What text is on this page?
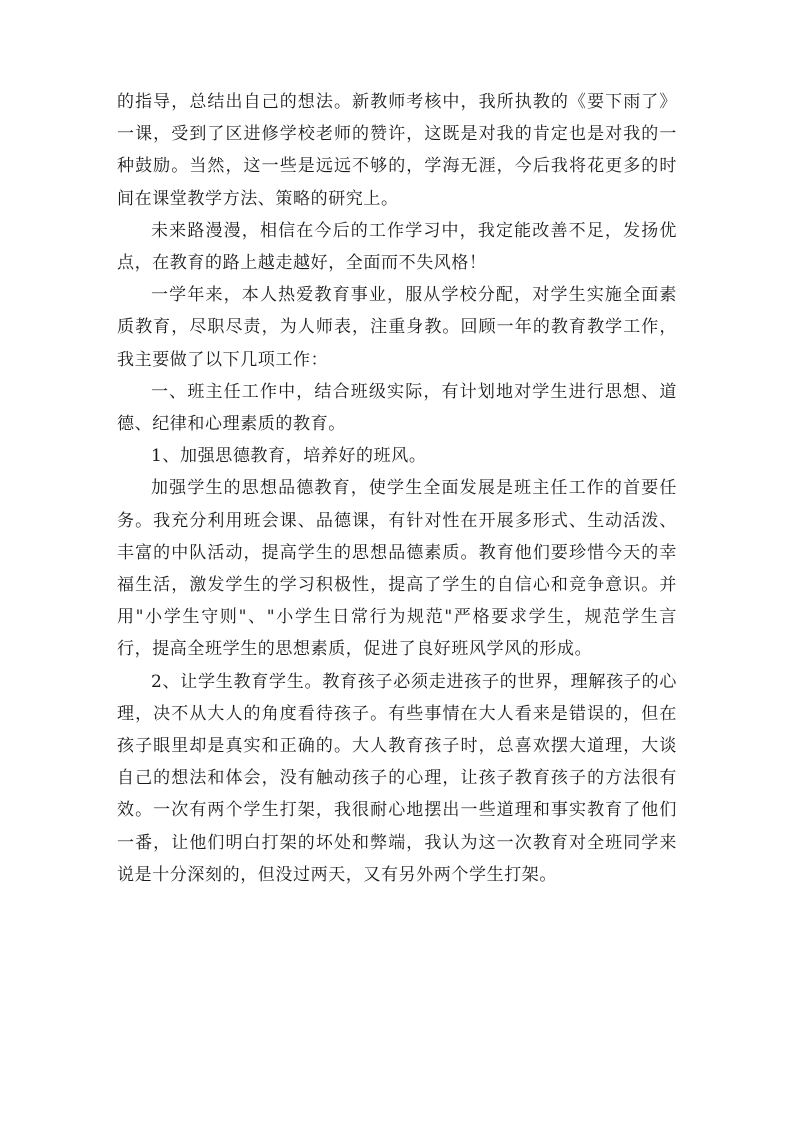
的指导，总结出自己的想法。新教师考核中，我所执教的《要下雨了》一课，受到了区进修学校老师的赞许，这既是对我的肯定也是对我的一种鼓励。当然，这一些是远远不够的，学海无涯，今后我将花更多的时间在课堂教学方法、策略的研究上。

未来路漫漫，相信在今后的工作学习中，我定能改善不足，发扬优点，在教育的路上越走越好，全面而不失风格！

一学年来，本人热爱教育事业，服从学校分配，对学生实施全面素质教育，尽职尽责，为人师表，注重身教。回顾一年的教育教学工作，我主要做了以下几项工作：

一、班主任工作中，结合班级实际，有计划地对学生进行思想、道德、纪律和心理素质的教育。

1、加强思德教育，培养好的班风。

加强学生的思想品德教育，使学生全面发展是班主任工作的首要任务。我充分利用班会课、品德课，有针对性在开展多形式、生动活泼、丰富的中队活动，提高学生的思想品德素质。教育他们要珍惜今天的幸福生活，激发学生的学习积极性，提高了学生的自信心和竞争意识。并用"小学生守则"、"小学生日常行为规范"严格要求学生，规范学生言行，提高全班学生的思想素质，促进了良好班风学风的形成。

2、让学生教育学生。教育孩子必须走进孩子的世界，理解孩子的心理，决不从大人的角度看待孩子。有些事情在大人看来是错误的，但在孩子眼里却是真实和正确的。大人教育孩子时，总喜欢摆大道理，大谈自己的想法和体会，没有触动孩子的心理，让孩子教育孩子的方法很有效。一次有两个学生打架，我很耐心地摆出一些道理和事实教育了他们一番，让他们明白打架的坏处和弊端，我认为这一次教育对全班同学来说是十分深刻的，但没过两天，又有另外两个学生打架。
